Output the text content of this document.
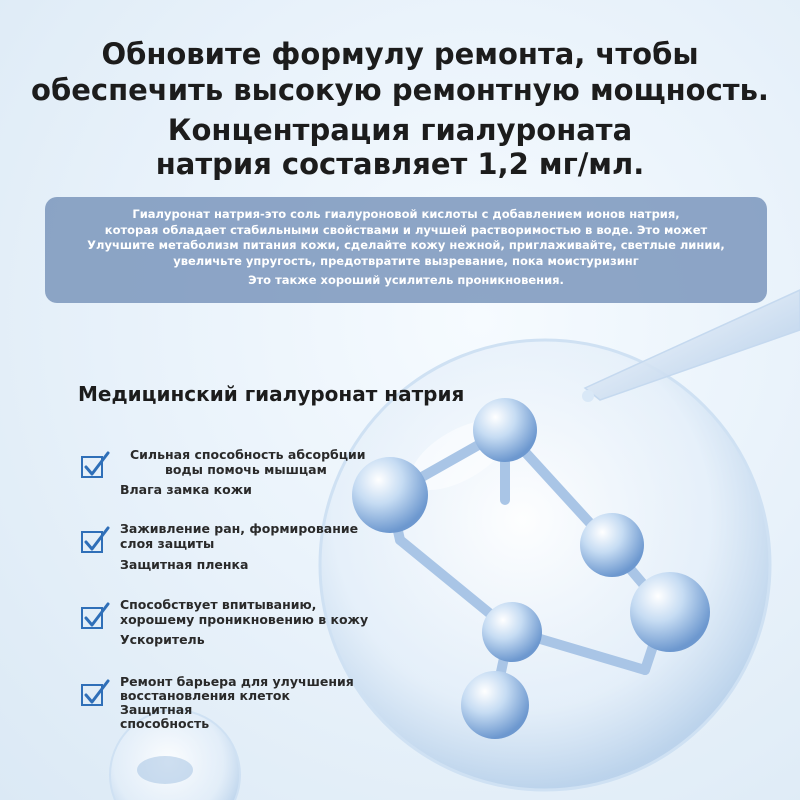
Обновите формулу ремонта, чтобы
обеспечить высокую ремонтную мощность.
Концентрация гиалуроната
натрия составляет 1,2 мг/мл.

Гиалуронат натрия-это соль гиалуроновой кислоты с добавлением ионов натрия,

которая обладает стабильными свойствами и лучшей растворимостью в воде. Это может

Улучшите метаболизм питания кожи, сделайте кожу нежной, приглаживайте, светлые линии,

увеличьте упругость, предотвратите вызревание, пока моистуризинг

Это также хороший усилитель проникновения.

Медицинский гиалуронат натрия
Сильная способность абсорбции
воды помочь мышцам
Влага замка кожи
Заживление ран, формирование
слоя защиты
Защитная пленка
Способствует впитыванию,
хорошему проникновению в кожу
Ускоритель
Ремонт барьера для улучшения
восстановления клеток
Защитная
способность
